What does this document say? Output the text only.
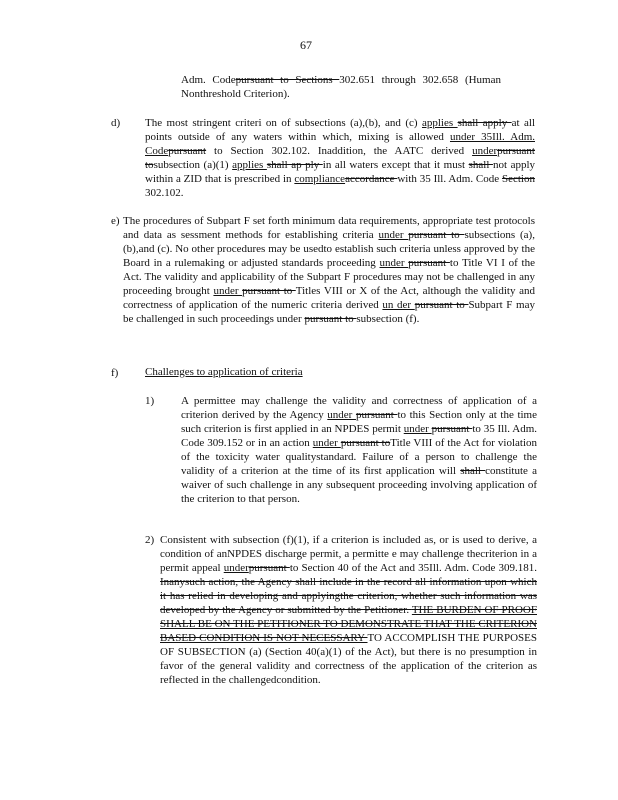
67

Adm. Codepursuant to Sections 302.651 through 302.658 (Human Nonthreshold Criterion).

d) The most stringent criteri on of subsections (a),(b), and (c) applies shall apply at all points outside of any waters within which, mixing is allowed under 35Ill. Adm. Codepursuant to Section 302.102. Inaddition, the AATC derived underpursuant tosubsection (a)(1) applies shall ap ply in all waters except that it must shall not apply within a ZID that is prescribed in complianceaccordance with 35 Ill. Adm. Code Section 302.102.

e) The procedures of Subpart F set forth minimum data requirements, appropriate test protocols and data as sessment methods for establishing criteria under pursuant to subsections (a), (b),and (c). No other procedures may be usedto establish such criteria unless approved by the Board in a rulemaking or adjusted standards proceeding under pursuant to Title VI I of the Act. The validity and applicability of the Subpart F procedures may not be challenged in any proceeding brought under pursuant to Titles VIII or X of the Act, although the validity and correctness of application of the numeric criteria derived un der pursuant to Subpart F may be challenged in such proceedings under pursuant to subsection (f).

f) Challenges to application of criteria
1) A permittee may challenge the validity and correctness of application of a criterion derived by the Agency under pursuant to this Section only at the time such criterion is first applied in an NPDES permit under pursuant to 35 Ill. Adm. Code 309.152 or in an action under pursuant toTitle VIII of the Act for violation of the toxicity water qualitystandard. Failure of a person to challenge the validity of a criterion at the time of its first application will shall constitute a waiver of such challenge in any subsequent proceeding involving application of the criterion to that person.

2) Consistent with subsection (f)(1), if a criterion is included as, or is used to derive, a condition of anNPDES discharge permit, a permitte e may challenge thecriterion in a permit appeal underpursuant to Section 40 of the Act and 35Ill. Adm. Code 309.181. Inanysuch action, the Agency shall include in the record all information upon which it has relied in developing and applyingthe criterion, whether such information was developed by the Agency or submitted by the Petitioner. THE BURDEN OF PROOF SHALL BE ON THE PETITIONER TO DEMONSTRATE THAT THE CRITERION BASED CONDITION IS NOT NECESSARY TO ACCOMPLISH THE PURPOSES OF SUBSECTION (a) (Section 40(a)(1) of the Act), but there is no presumption in favor of the general validity and correctness of the application of the criterion as reflected in the challengedcondition.
